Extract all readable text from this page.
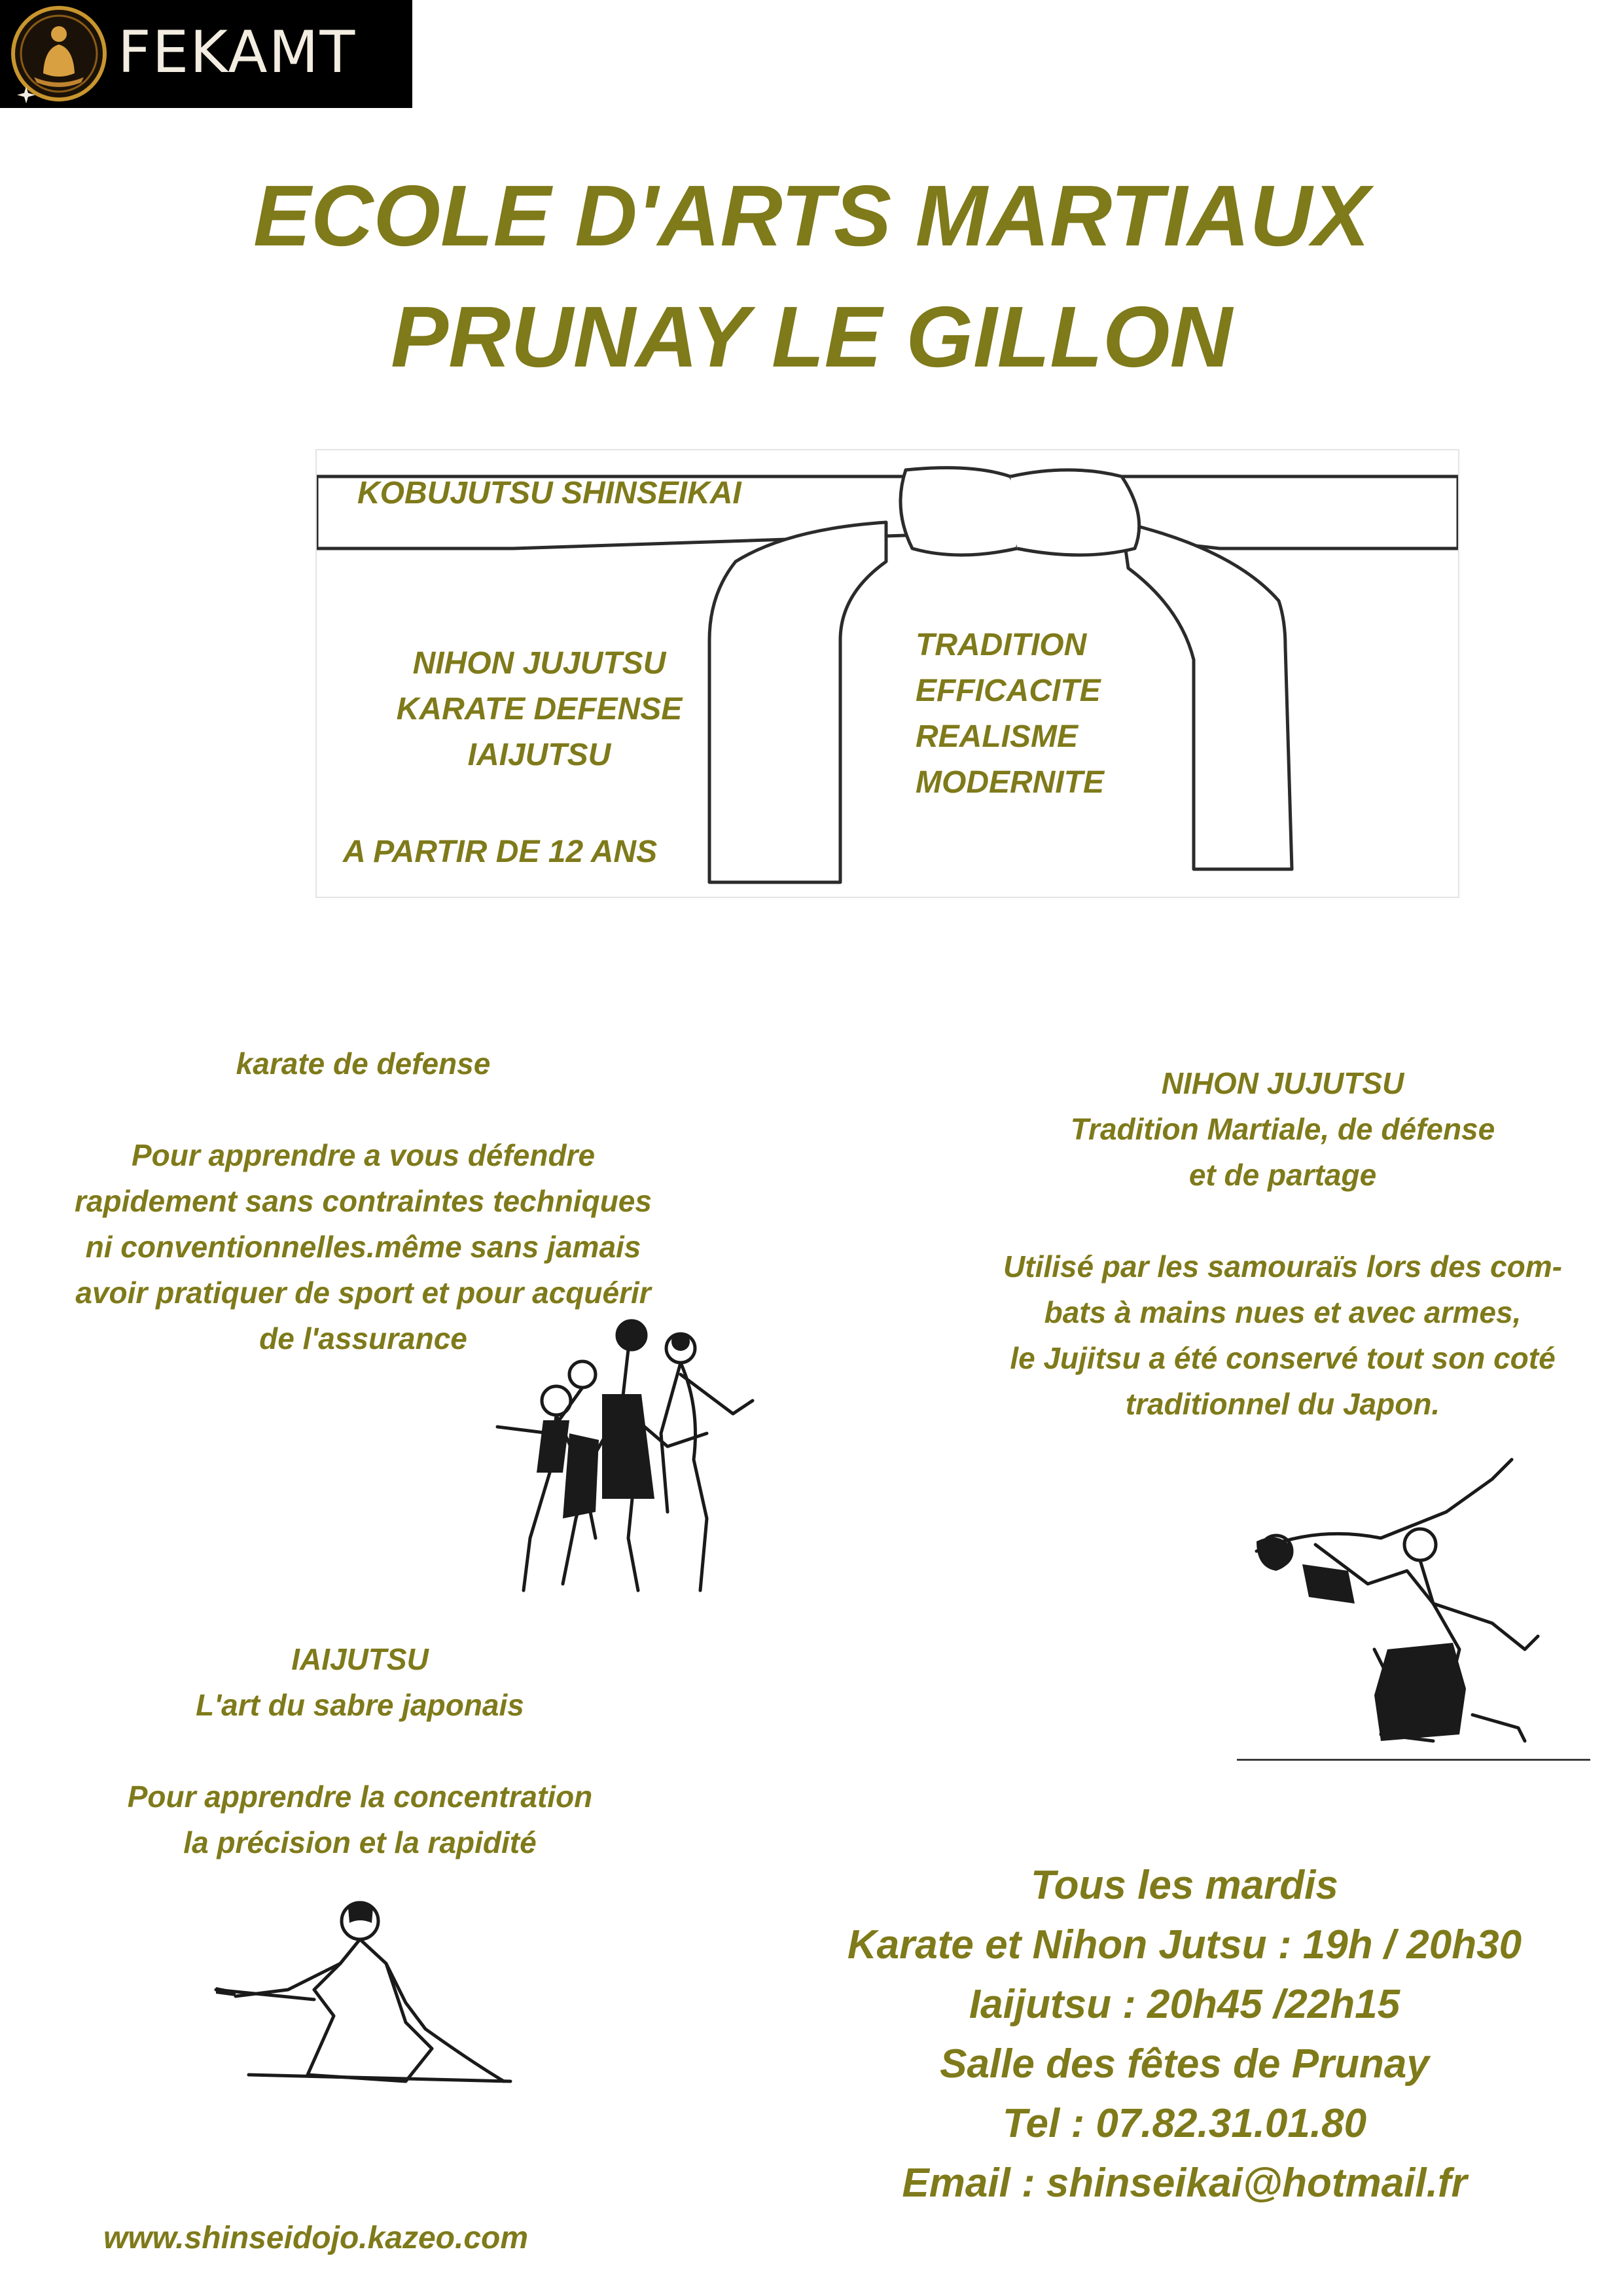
FEKAMT
ECOLE D'ARTS MARTIAUX
PRUNAY LE GILLON
KOBUJUTSU SHINSEIKAI
NIHON JUJUTSU
KARATE DEFENSE
IAIJUTSU
TRADITION
EFFICACITE
REALISME
MODERNITE
A PARTIR DE 12 ANS
karate de defense
Pour apprendre a vous défendre
rapidement sans contraintes techniques
ni conventionnelles.même sans jamais
avoir pratiquer de sport et pour acquérir
de l'assurance
NIHON JUJUTSU
Tradition Martiale, de défense
et de partage
Utilisé par les samouraïs lors des com-
bats à mains nues et avec armes,
le Jujitsu a été conservé tout son coté
traditionnel du Japon.
IAIJUTSU
L'art du sabre japonais
Pour apprendre la concentration
la précision et la rapidité
Tous les mardis
Karate et Nihon Jutsu : 19h / 20h30
Iaijutsu : 20h45 /22h15
Salle des fêtes de Prunay
Tel : 07.82.31.01.80
Email : shinseikai@hotmail.fr
www.shinseidojo.kazeo.com
